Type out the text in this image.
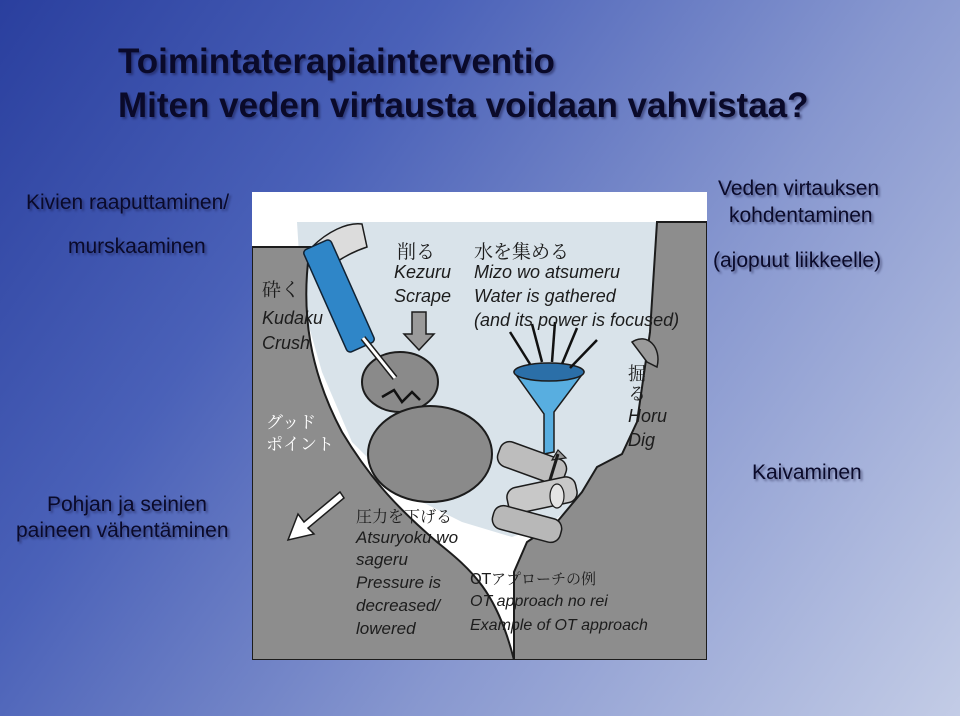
Toimintaterapiainterventio
Miten veden virtausta voidaan vahvistaa?
Kivien raaputtaminen/
murskaaminen
Veden virtauksen
kohdentaminen
(ajopuut liikkeelle)
Kaivaminen
Pohjan ja seinien
paineen vähentäminen
削る
Kezuru
Scrape
水を集める
Mizo wo atsumeru
Water is gathered
(and its power is focused)
砕く
Kudaku
Crush
掘
る
Horu
Dig
グッド
ポイント
圧力を下げる
Atsuryoku wo
sageru
Pressure is
decreased/
lowered
OTアプローチの例
OT approach no rei
Example of OT approach
